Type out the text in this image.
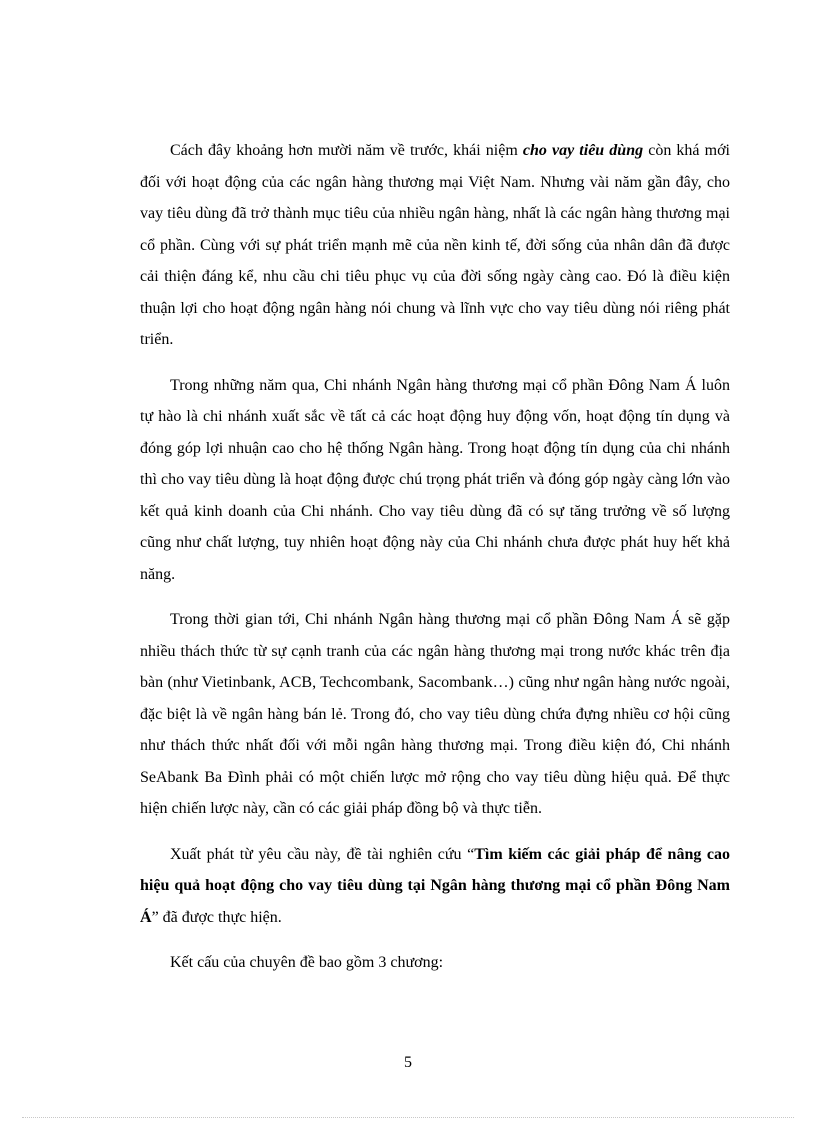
Cách đây khoảng hơn mười năm về trước, khái niệm cho vay tiêu dùng còn khá mới đối với hoạt động của các ngân hàng thương mại Việt Nam. Nhưng vài năm gần đây, cho vay tiêu dùng đã trở thành mục tiêu của nhiều ngân hàng, nhất là các ngân hàng thương mại cổ phần. Cùng với sự phát triển mạnh mẽ của nền kinh tế, đời sống của nhân dân đã được cải thiện đáng kể, nhu cầu chi tiêu phục vụ của đời sống ngày càng cao. Đó là điều kiện thuận lợi cho hoạt động ngân hàng nói chung và lĩnh vực cho vay tiêu dùng nói riêng phát triển.

Trong những năm qua, Chi nhánh Ngân hàng thương mại cổ phần Đông Nam Á luôn tự hào là chi nhánh xuất sắc về tất cả các hoạt động huy động vốn, hoạt động tín dụng và đóng góp lợi nhuận cao cho hệ thống Ngân hàng. Trong hoạt động tín dụng của chi nhánh thì cho vay tiêu dùng là hoạt động được chú trọng phát triển và đóng góp ngày càng lớn vào kết quả kinh doanh của Chi nhánh. Cho vay tiêu dùng đã có sự tăng trưởng về số lượng cũng như chất lượng, tuy nhiên hoạt động này của Chi nhánh chưa được phát huy hết khả năng.

Trong thời gian tới, Chi nhánh Ngân hàng thương mại cổ phần Đông Nam Á sẽ gặp nhiều thách thức từ sự cạnh tranh của các ngân hàng thương mại trong nước khác trên địa bàn (như Vietinbank, ACB, Techcombank, Sacombank…) cũng như ngân hàng nước ngoài, đặc biệt là về ngân hàng bán lẻ. Trong đó, cho vay tiêu dùng chứa đựng nhiều cơ hội cũng như thách thức nhất đối với mỗi ngân hàng thương mại. Trong điều kiện đó, Chi nhánh SeAbank Ba Đình phải có một chiến lược mở rộng cho vay tiêu dùng hiệu quả. Để thực hiện chiến lược này, cần có các giải pháp đồng bộ và thực tiễn.

Xuất phát từ yêu cầu này, đề tài nghiên cứu “Tìm kiếm các giải pháp để nâng cao hiệu quả hoạt động cho vay tiêu dùng tại Ngân hàng thương mại cổ phần Đông Nam Á” đã được thực hiện.

Kết cấu của chuyên đề bao gồm 3 chương:

5
